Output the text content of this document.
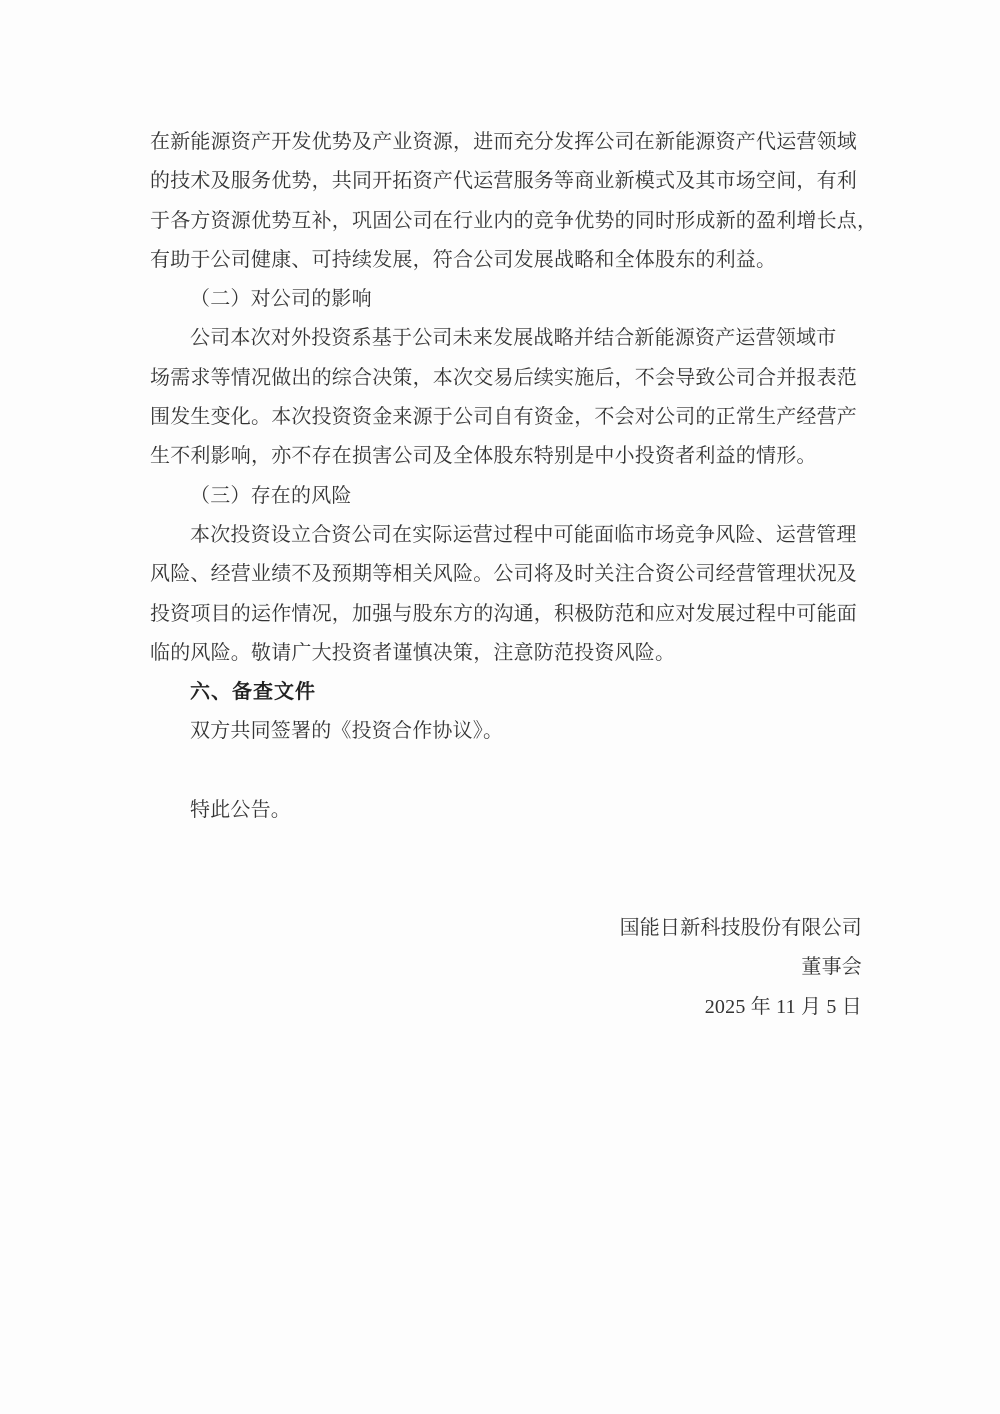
在新能源资产开发优势及产业资源，进而充分发挥公司在新能源资产代运营领域
的技术及服务优势，共同开拓资产代运营服务等商业新模式及其市场空间，有利
于各方资源优势互补，巩固公司在行业内的竞争优势的同时形成新的盈利增长点，
有助于公司健康、可持续发展，符合公司发展战略和全体股东的利益。
（二）对公司的影响
公司本次对外投资系基于公司未来发展战略并结合新能源资产运营领域市
场需求等情况做出的综合决策，本次交易后续实施后，不会导致公司合并报表范
围发生变化。本次投资资金来源于公司自有资金，不会对公司的正常生产经营产
生不利影响，亦不存在损害公司及全体股东特别是中小投资者利益的情形。
（三）存在的风险
本次投资设立合资公司在实际运营过程中可能面临市场竞争风险、运营管理
风险、经营业绩不及预期等相关风险。公司将及时关注合资公司经营管理状况及
投资项目的运作情况，加强与股东方的沟通，积极防范和应对发展过程中可能面
临的风险。敬请广大投资者谨慎决策，注意防范投资风险。
六、备查文件
双方共同签署的《投资合作协议》。
特此公告。
国能日新科技股份有限公司
董事会
2025 年 11 月 5 日
